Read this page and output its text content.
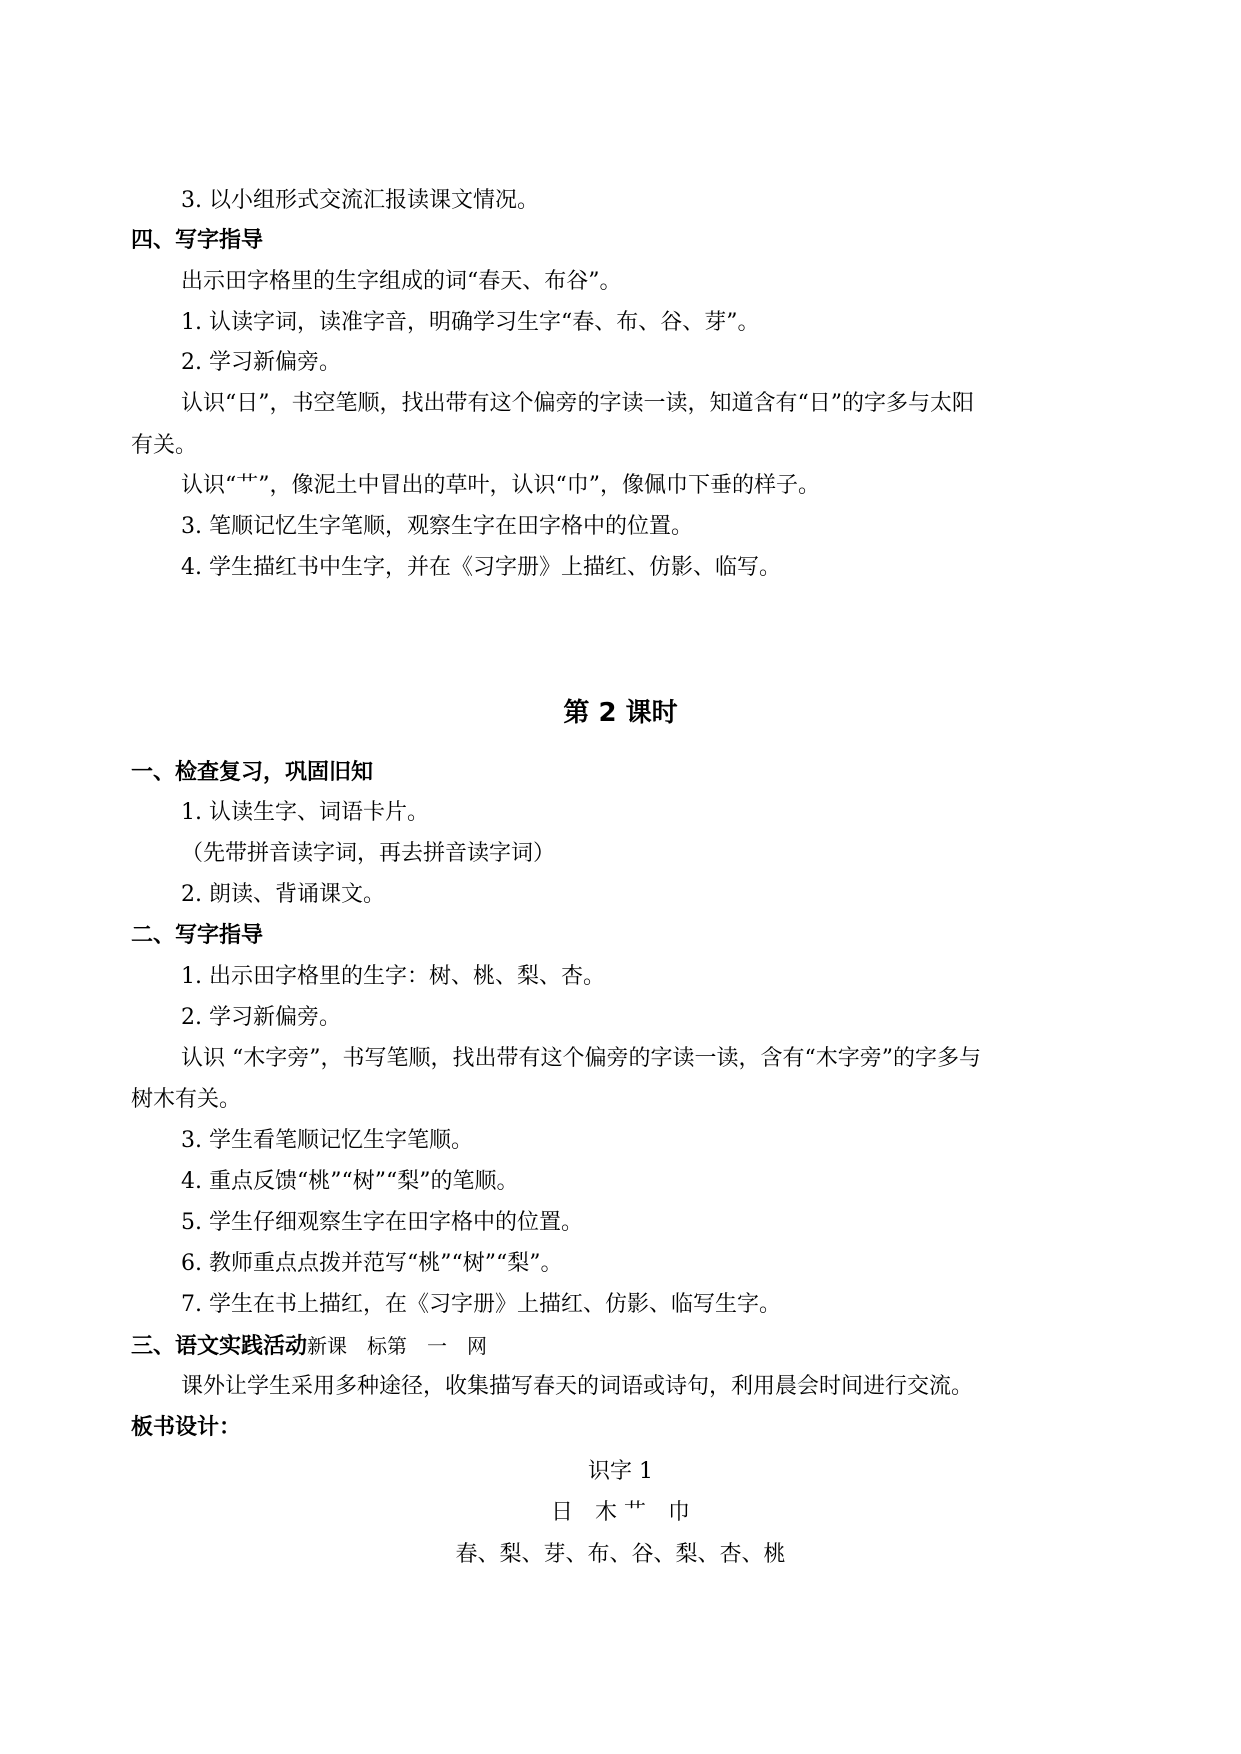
3. 以小组形式交流汇报读课文情况。
四、写字指导
出示田字格里的生字组成的词“春天、布谷”。
1. 认读字词，读准字音，明确学习生字“春、布、谷、芽”。
2. 学习新偏旁。
认识“日”，书空笔顺，找出带有这个偏旁的字读一读，知道含有“日”的字多与太阳
有关。
认识“艹”，像泥土中冒出的草叶，认识“巾”，像佩巾下垂的样子。
3. 笔顺记忆生字笔顺，观察生字在田字格中的位置。
4. 学生描红书中生字，并在《习字册》上描红、仿影、临写。
第 2 课时
一、检查复习，巩固旧知
1. 认读生字、词语卡片。
（先带拼音读字词，再去拼音读字词）
2. 朗读、背诵课文。
二、写字指导
1. 出示田字格里的生字：树、桃、梨、杏。
2. 学习新偏旁。
认识 “木字旁”，书写笔顺，找出带有这个偏旁的字读一读，含有“木字旁”的字多与
树木有关。
3. 学生看笔顺记忆生字笔顺。
4. 重点反馈“桃”“树”“梨”的笔顺。
5. 学生仔细观察生字在田字格中的位置。
6. 教师重点点拨并范写“桃”“树”“梨”。
7. 学生在书上描红，在《习字册》上描红、仿影、临写生字。
三、语文实践活动新课　标第　一　网
课外让学生采用多种途径，收集描写春天的词语或诗句，利用晨会时间进行交流。
板书设计：
识字 1
日　木 艹　巾
春、梨、芽、布、谷、梨、杏、桃
